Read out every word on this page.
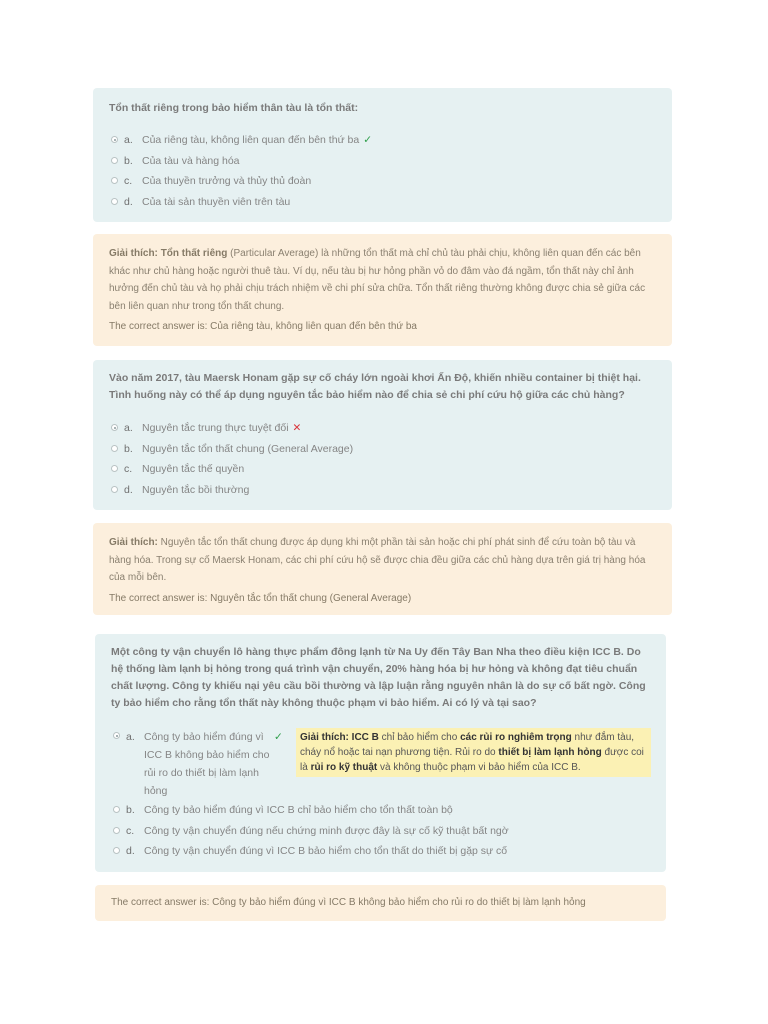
Tổn thất riêng trong bảo hiểm thân tàu là tổn thất:
a. Của riêng tàu, không liên quan đến bên thứ ba ✓
b. Của tàu và hàng hóa
c. Của thuyền trưởng và thủy thủ đoàn
d. Của tài sản thuyền viên trên tàu
Giải thích: Tổn thất riêng (Particular Average) là những tổn thất mà chỉ chủ tàu phải chịu, không liên quan đến các bên khác như chủ hàng hoặc người thuê tàu. Ví dụ, nếu tàu bị hư hỏng phần vỏ do đâm vào đá ngầm, tổn thất này chỉ ảnh hưởng đến chủ tàu và họ phải chịu trách nhiệm về chi phí sửa chữa. Tổn thất riêng thường không được chia sẻ giữa các bên liên quan như trong tổn thất chung.
The correct answer is: Của riêng tàu, không liên quan đến bên thứ ba
Vào năm 2017, tàu Maersk Honam gặp sự cố cháy lớn ngoài khơi Ấn Độ, khiến nhiều container bị thiệt hại. Tình huống này có thể áp dụng nguyên tắc bảo hiểm nào để chia sẻ chi phí cứu hộ giữa các chủ hàng?
a. Nguyên tắc trung thực tuyệt đối ✕
b. Nguyên tắc tổn thất chung (General Average)
c. Nguyên tắc thế quyền
d. Nguyên tắc bồi thường
Giải thích: Nguyên tắc tổn thất chung được áp dụng khi một phần tài sản hoặc chi phí phát sinh để cứu toàn bộ tàu và hàng hóa. Trong sự cố Maersk Honam, các chi phí cứu hộ sẽ được chia đều giữa các chủ hàng dựa trên giá trị hàng hóa của mỗi bên.
The correct answer is: Nguyên tắc tổn thất chung (General Average)
Một công ty vận chuyển lô hàng thực phẩm đông lạnh từ Na Uy đến Tây Ban Nha theo điều kiện ICC B. Do hệ thống làm lạnh bị hỏng trong quá trình vận chuyển, 20% hàng hóa bị hư hỏng và không đạt tiêu chuẩn chất lượng. Công ty khiếu nại yêu cầu bồi thường và lập luận rằng nguyên nhân là do sự cố bất ngờ. Công ty bảo hiểm cho rằng tổn thất này không thuộc phạm vi bảo hiểm. Ai có lý và tại sao?
a. Công ty bảo hiểm đúng vì ICC B không bảo hiểm cho rủi ro do thiết bị làm lạnh hỏng
✓
b. Công ty bảo hiểm đúng vì ICC B chỉ bảo hiểm cho tổn thất toàn bộ
c. Công ty vận chuyển đúng nếu chứng minh được đây là sự cố kỹ thuật bất ngờ
d. Công ty vận chuyển đúng vì ICC B bảo hiểm cho tổn thất do thiết bị gặp sự cố
Giải thích: ICC B chỉ bảo hiểm cho các rủi ro nghiêm trọng như đắm tàu, cháy nổ hoặc tai nạn phương tiện. Rủi ro do thiết bị làm lạnh hỏng được coi là rủi ro kỹ thuật và không thuộc phạm vi bảo hiểm của ICC B.
The correct answer is: Công ty bảo hiểm đúng vì ICC B không bảo hiểm cho rủi ro do thiết bị làm lạnh hỏng
